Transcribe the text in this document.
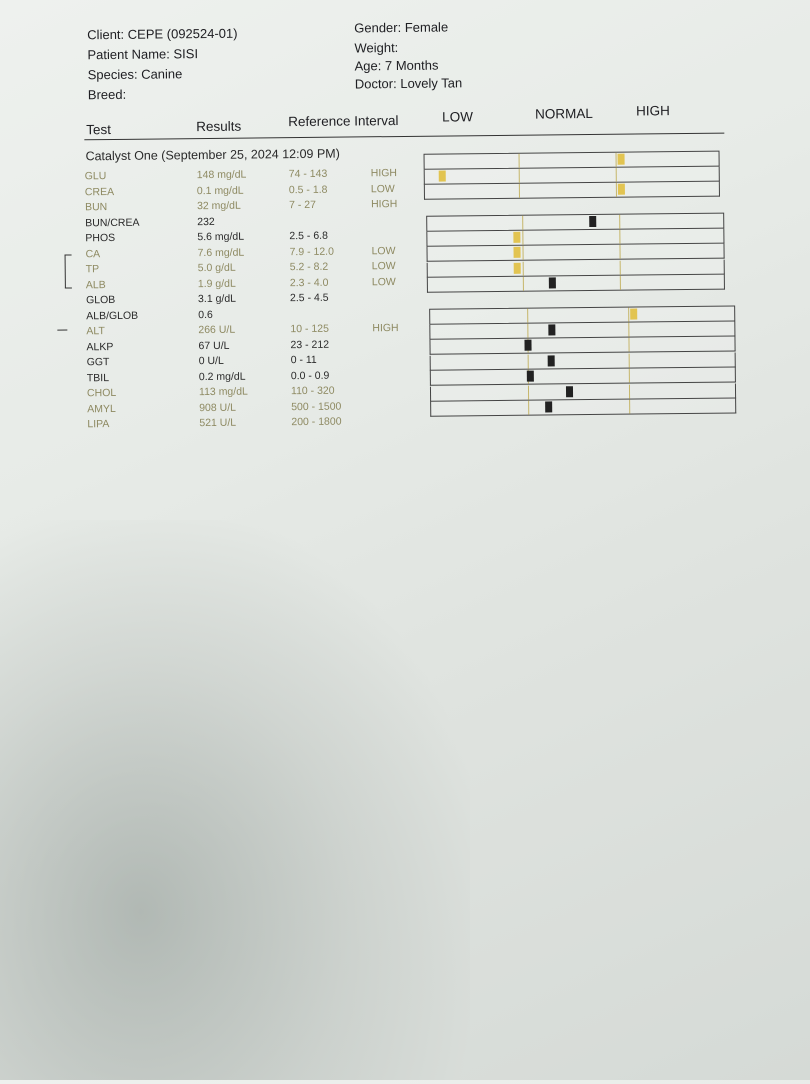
Client: CEPE (092524-01)
Patient Name: SISI
Species: Canine
Breed:
Gender: Female
Weight:
Age: 7 Months
Doctor: Lovely Tan
Test	Results	Reference Interval	LOW	NORMAL	HIGH
Catalyst One (September 25, 2024 12:09 PM)
GLU	148 mg/dL	74 - 143	HIGH
CREA	0.1 mg/dL	0.5 - 1.8	LOW
BUN	32 mg/dL	7 - 27	HIGH
BUN/CREA	232
PHOS	5.6 mg/dL	2.5 - 6.8
CA	7.6 mg/dL	7.9 - 12.0	LOW
TP	5.0 g/dL	5.2 - 8.2	LOW
ALB	1.9 g/dL	2.3 - 4.0	LOW
GLOB	3.1 g/dL	2.5 - 4.5
ALB/GLOB	0.6
ALT	266 U/L	10 - 125	HIGH
ALKP	67 U/L	23 - 212
GGT	0 U/L	0 - 11
TBIL	0.2 mg/dL	0.0 - 0.9
CHOL	113 mg/dL	110 - 320
AMYL	908 U/L	500 - 1500
LIPA	521 U/L	200 - 1800
